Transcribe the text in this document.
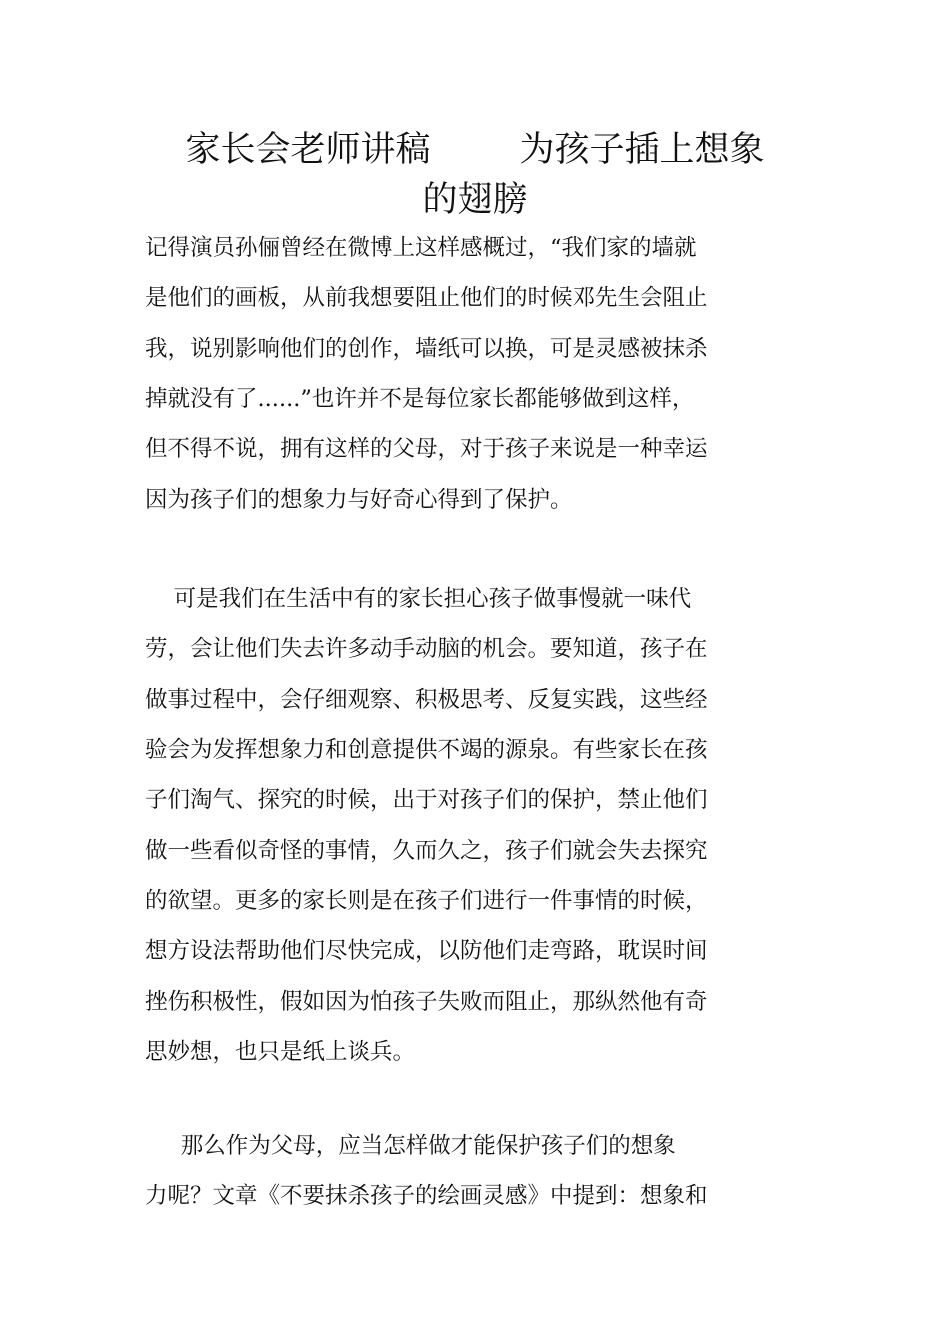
家长会老师讲稿        为孩子插上想象
的翅膀
记得演员孙俪曾经在微博上这样感概过，“我们家的墙就
是他们的画板，从前我想要阻止他们的时候邓先生会阻止
我，说别影响他们的创作，墙纸可以换，可是灵感被抹杀
掉就没有了......”也许并不是每位家长都能够做到这样，
但不得不说，拥有这样的父母，对于孩子来说是一种幸运
因为孩子们的想象力与好奇心得到了保护。
可是我们在生活中有的家长担心孩子做事慢就一味代
劳，会让他们失去许多动手动脑的机会。要知道，孩子在
做事过程中，会仔细观察、积极思考、反复实践，这些经
验会为发挥想象力和创意提供不竭的源泉。有些家长在孩
子们淘气、探究的时候，出于对孩子们的保护，禁止他们
做一些看似奇怪的事情，久而久之，孩子们就会失去探究
的欲望。更多的家长则是在孩子们进行一件事情的时候，
想方设法帮助他们尽快完成，以防他们走弯路，耽误时间
挫伤积极性，假如因为怕孩子失败而阻止，那纵然他有奇
思妙想，也只是纸上谈兵。
那么作为父母，应当怎样做才能保护孩子们的想象
力呢？文章《不要抹杀孩子的绘画灵感》中提到：想象和
